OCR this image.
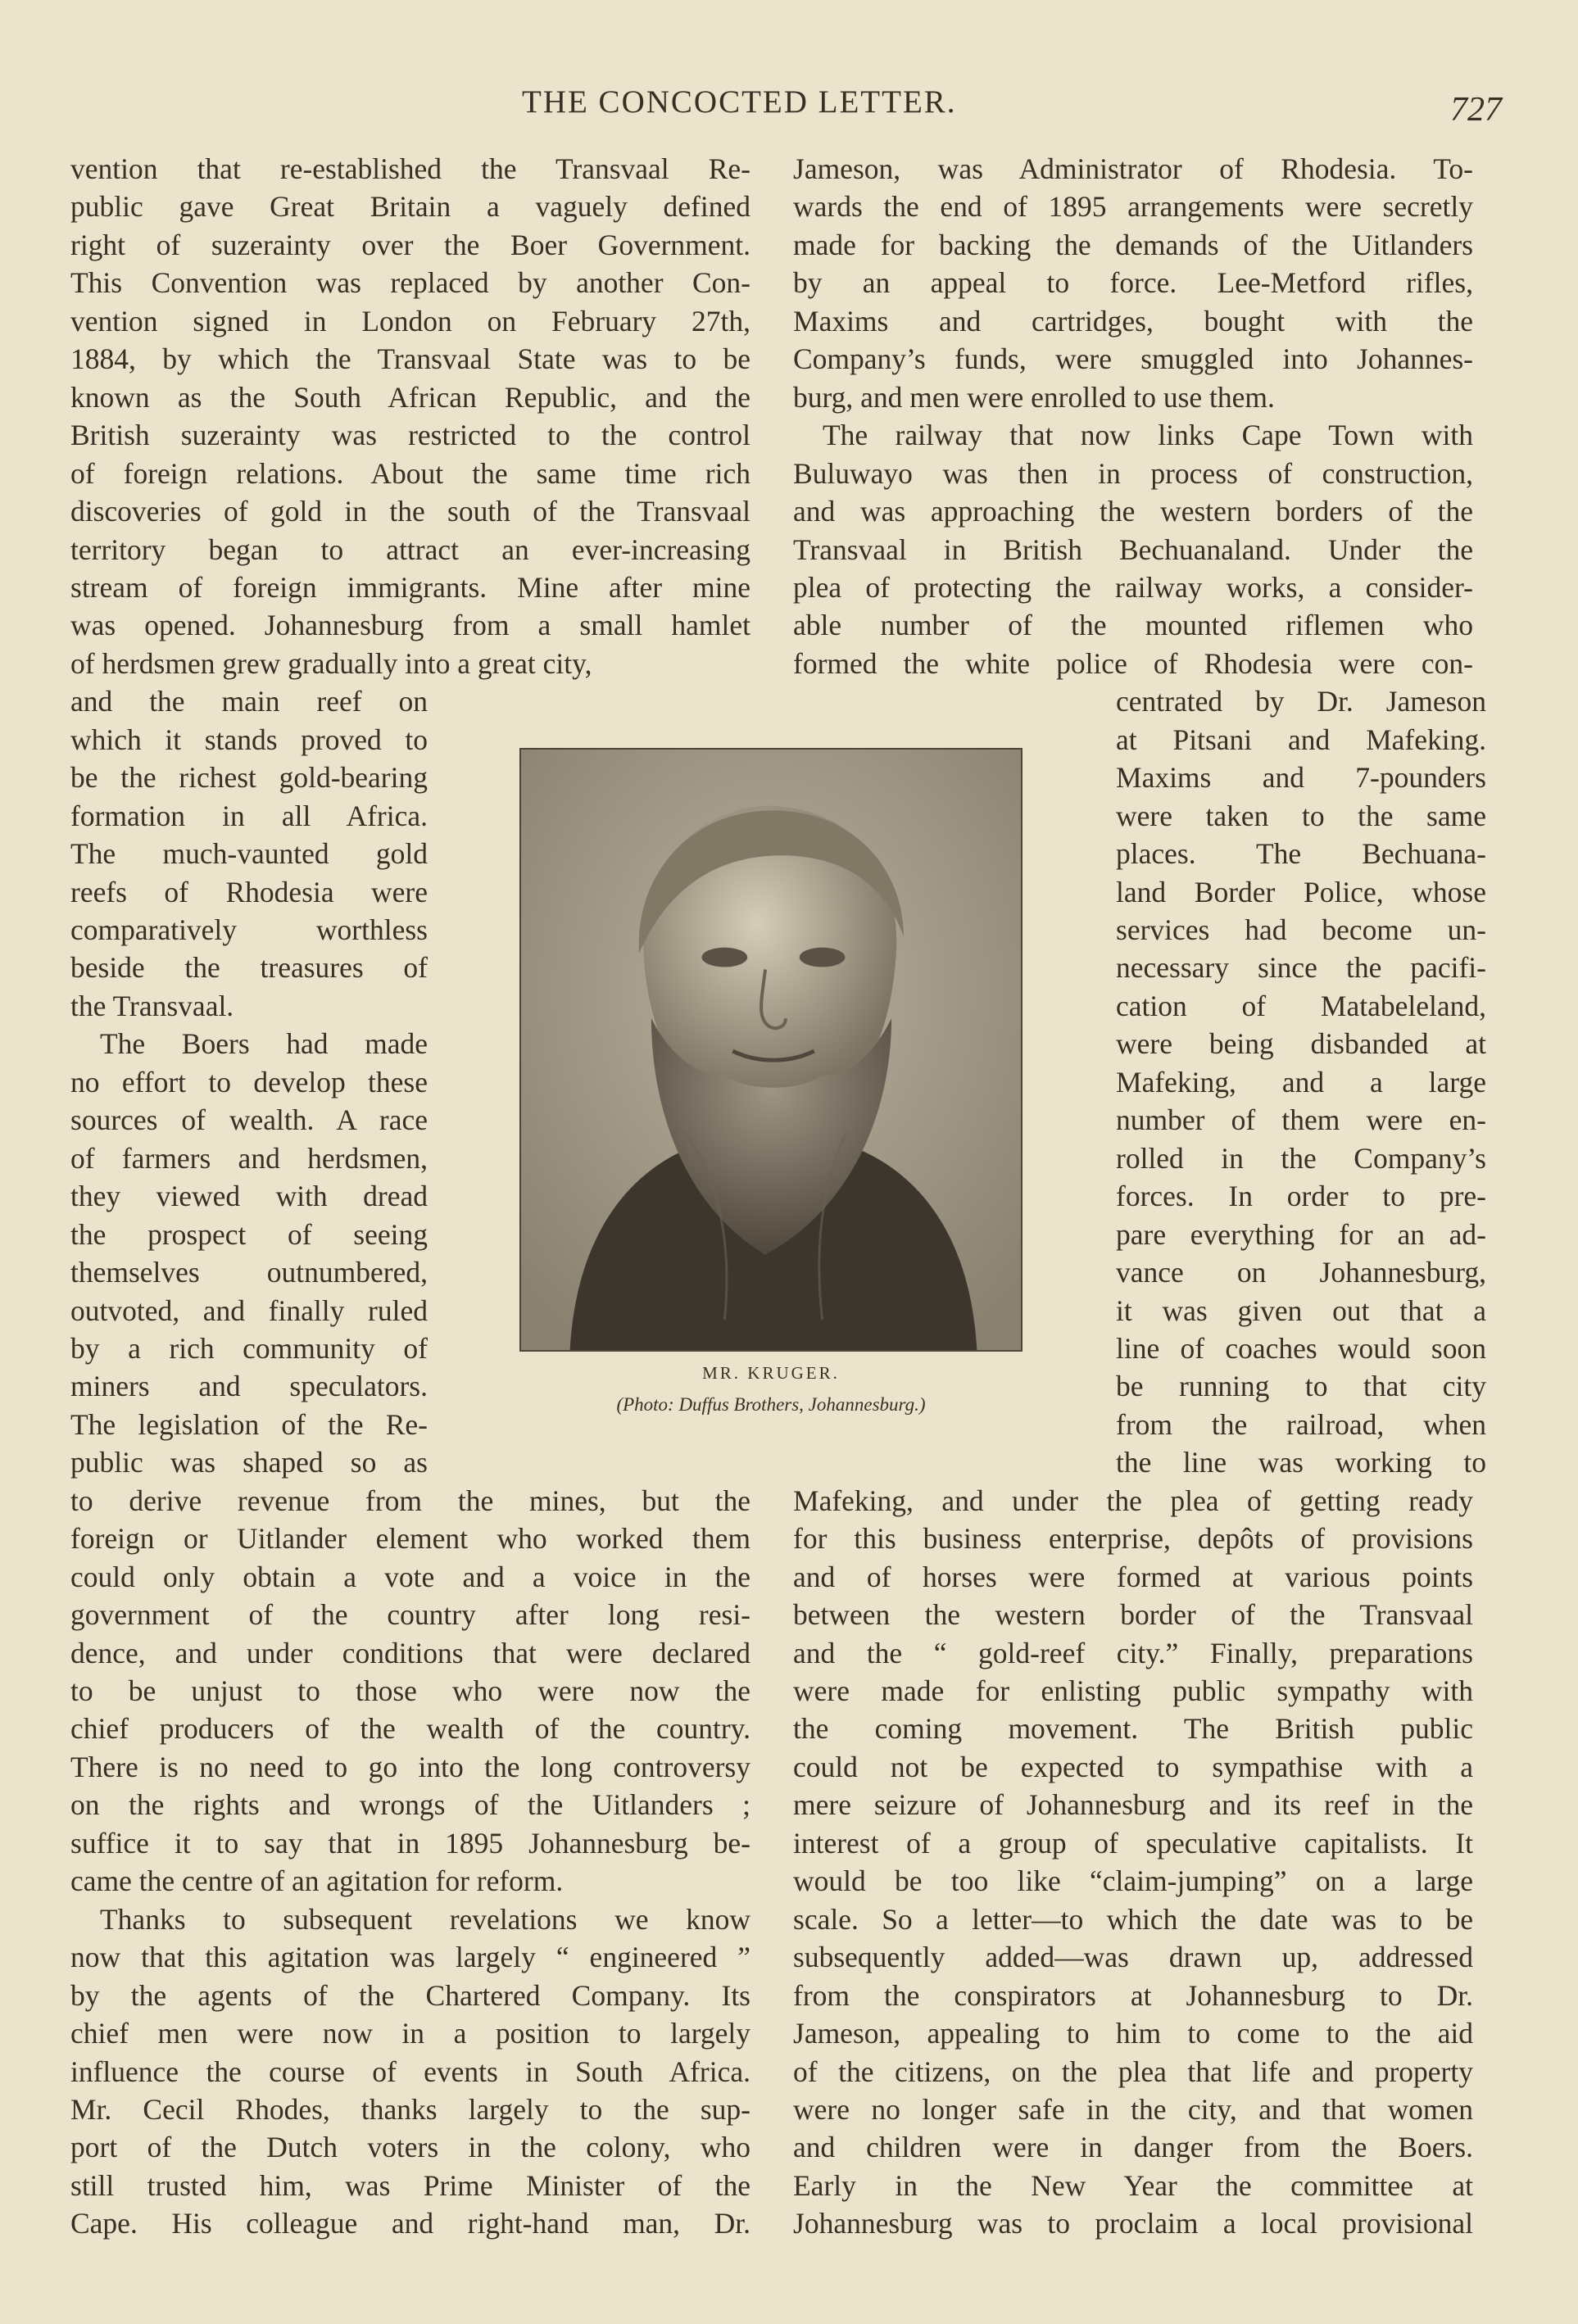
THE CONCOCTED LETTER.	727
vention that re-established the Transvaal Re-
public gave Great Britain a vaguely defined
right of suzerainty over the Boer Government.
This Convention was replaced by another Con-
vention signed in London on February 27th,
1884, by which the Transvaal State was to be
known as the South African Republic, and the
British suzerainty was restricted to the control
of foreign relations. About the same time rich
discoveries of gold in the south of the Transvaal
territory began to attract an ever-increasing
stream of foreign immigrants. Mine after mine
was opened. Johannesburg from a small hamlet
of herdsmen grew gradually into a great city,
and the main reef on
which it stands proved to
be the richest gold-bearing
formation in all Africa.
The much-vaunted gold
reefs of Rhodesia were
comparatively worthless
beside the treasures of
the Transvaal.
The Boers had made
no effort to develop these
sources of wealth. A race
of farmers and herdsmen,
they viewed with dread
the prospect of seeing
themselves outnumbered,
outvoted, and finally ruled
by a rich community of
miners and speculators.
The legislation of the Re-
public was shaped so as
to derive revenue from the mines, but the
foreign or Uitlander element who worked them
could only obtain a vote and a voice in the
government of the country after long resi-
dence, and under conditions that were declared
to be unjust to those who were now the
chief producers of the wealth of the country.
There is no need to go into the long controversy
on the rights and wrongs of the Uitlanders ;
suffice it to say that in 1895 Johannesburg be-
came the centre of an agitation for reform.
Thanks to subsequent revelations we know
now that this agitation was largely “ engineered ”
by the agents of the Chartered Company. Its
chief men were now in a position to largely
influence the course of events in South Africa.
Mr. Cecil Rhodes, thanks largely to the sup-
port of the Dutch voters in the colony, who
still trusted him, was Prime Minister of the
Cape. His colleague and right-hand man, Dr.
Jameson, was Administrator of Rhodesia. To-
wards the end of 1895 arrangements were secretly
made for backing the demands of the Uitlanders
by an appeal to force. Lee-Metford rifles,
Maxims and cartridges, bought with the
Company’s funds, were smuggled into Johannes-
burg, and men were enrolled to use them.
The railway that now links Cape Town with
Buluwayo was then in process of construction,
and was approaching the western borders of the
Transvaal in British Bechuanaland. Under the
plea of protecting the railway works, a consider-
able number of the mounted riflemen who
formed the white police of Rhodesia were con-
centrated by Dr. Jameson
at Pitsani and Mafeking.
Maxims and 7-pounders
were taken to the same
places. The Bechuana-
land Border Police, whose
services had become un-
necessary since the pacifi-
cation of Matabeleland,
were being disbanded at
Mafeking, and a large
number of them were en-
rolled in the Company’s
forces. In order to pre-
pare everything for an ad-
vance on Johannesburg,
it was given out that a
line of coaches would soon
be running to that city
from the railroad, when
the line was working to
Mafeking, and under the plea of getting ready
for this business enterprise, depôts of provisions
and of horses were formed at various points
between the western border of the Transvaal
and the “ gold-reef city.” Finally, preparations
were made for enlisting public sympathy with
the coming movement. The British public
could not be expected to sympathise with a
mere seizure of Johannesburg and its reef in the
interest of a group of speculative capitalists. It
would be too like “claim-jumping” on a large
scale. So a letter—to which the date was to be
subsequently added—was drawn up, addressed
from the conspirators at Johannesburg to Dr.
Jameson, appealing to him to come to the aid
of the citizens, on the plea that life and property
were no longer safe in the city, and that women
and children were in danger from the Boers.
Early in the New Year the committee at
Johannesburg was to proclaim a local provisional
MR. KRUGER.
(Photo: Duffus Brothers, Johannesburg.)
